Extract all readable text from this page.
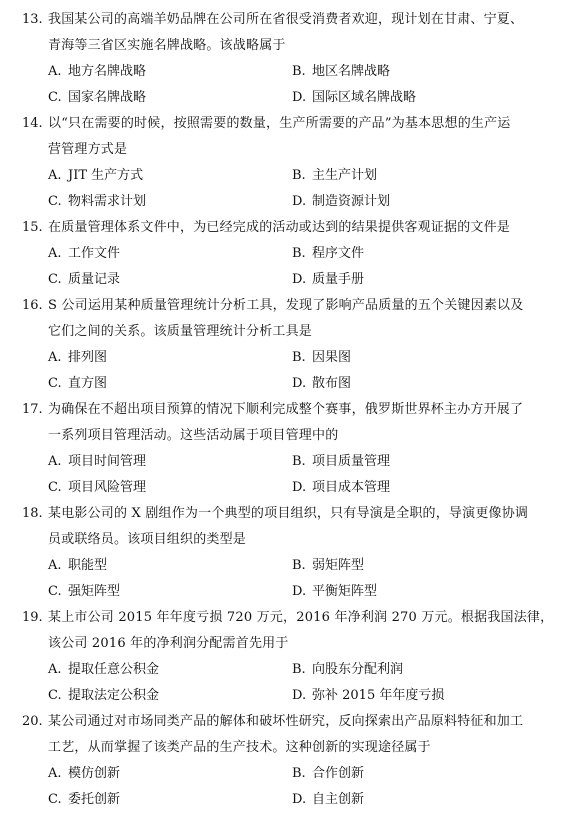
13. 我国某公司的高端羊奶品牌在公司所在省很受消费者欢迎，现计划在甘肃、宁夏、
青海等三省区实施名牌战略。该战略属于
A. 地方名牌战略	B. 地区名牌战略
C. 国家名牌战略	D. 国际区域名牌战略
14. 以“只在需要的时候，按照需要的数量，生产所需要的产品”为基本思想的生产运
营管理方式是
A. JIT 生产方式	B. 主生产计划
C. 物料需求计划	D. 制造资源计划
15. 在质量管理体系文件中，为已经完成的活动或达到的结果提供客观证据的文件是
A. 工作文件	B. 程序文件
C. 质量记录	D. 质量手册
16. S 公司运用某种质量管理统计分析工具，发现了影响产品质量的五个关键因素以及
它们之间的关系。该质量管理统计分析工具是
A. 排列图	B. 因果图
C. 直方图	D. 散布图
17. 为确保在不超出项目预算的情况下顺利完成整个赛事，俄罗斯世界杯主办方开展了
一系列项目管理活动。这些活动属于项目管理中的
A. 项目时间管理	B. 项目质量管理
C. 项目风险管理	D. 项目成本管理
18. 某电影公司的 X 剧组作为一个典型的项目组织，只有导演是全职的，导演更像协调
员或联络员。该项目组织的类型是
A. 职能型	B. 弱矩阵型
C. 强矩阵型	D. 平衡矩阵型
19. 某上市公司 2015 年年度亏损 720 万元，2016 年净利润 270 万元。根据我国法律，
该公司 2016 年的净利润分配需首先用于
A. 提取任意公积金	B. 向股东分配利润
C. 提取法定公积金	D. 弥补 2015 年年度亏损
20. 某公司通过对市场同类产品的解体和破坏性研究，反向探索出产品原料特征和加工
工艺，从而掌握了该类产品的生产技术。这种创新的实现途径属于
A. 模仿创新	B. 合作创新
C. 委托创新	D. 自主创新
